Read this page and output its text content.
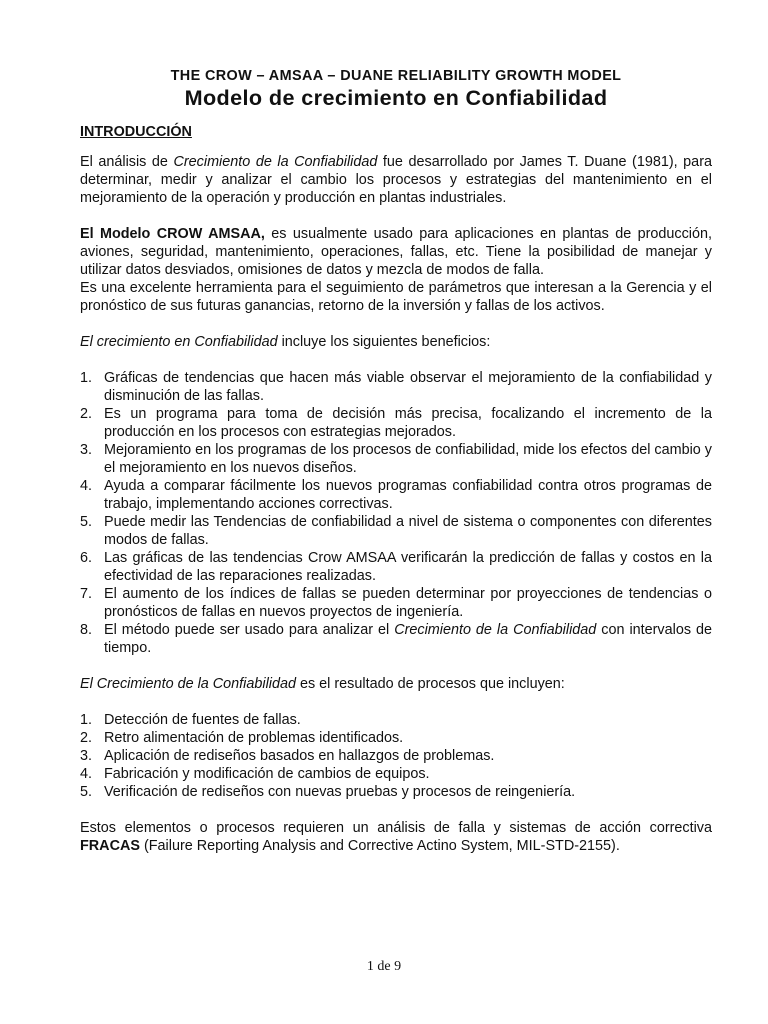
THE CROW – AMSAA – DUANE RELIABILITY GROWTH MODEL
Modelo de crecimiento en Confiabilidad
INTRODUCCIÓN

El análisis de Crecimiento de la Confiabilidad fue desarrollado por James T. Duane (1981), para determinar, medir y analizar el cambio los procesos y estrategias del mantenimiento en el mejoramiento de la operación y producción en plantas industriales.

El Modelo CROW AMSAA, es usualmente usado para aplicaciones en plantas de producción, aviones, seguridad, mantenimiento, operaciones, fallas, etc. Tiene la posibilidad de manejar y utilizar datos desviados, omisiones de datos y mezcla de modos de falla.

Es una excelente herramienta para el seguimiento de parámetros que interesan a la Gerencia y el pronóstico de sus futuras ganancias, retorno de la inversión y fallas de los activos.

El crecimiento en Confiabilidad incluye los siguientes beneficios:

1. Gráficas de tendencias que hacen más viable observar el mejoramiento de la confiabilidad y disminución de las fallas.
2. Es un programa para toma de decisión más precisa, focalizando el incremento de la producción en los procesos con estrategias mejorados.
3. Mejoramiento en los programas de los procesos de confiabilidad, mide los efectos del cambio y el mejoramiento en los nuevos diseños.
4. Ayuda a comparar fácilmente los nuevos programas confiabilidad contra otros programas de trabajo, implementando acciones correctivas.
5. Puede medir las Tendencias de confiabilidad a nivel de sistema o componentes con diferentes modos de fallas.
6. Las gráficas de las tendencias Crow AMSAA verificarán la predicción de fallas y costos en la efectividad de las reparaciones realizadas.
7. El aumento de los índices de fallas se pueden determinar por proyecciones de tendencias o pronósticos de fallas en nuevos proyectos de ingeniería.
8. El método puede ser usado para analizar el Crecimiento de la Confiabilidad con intervalos de tiempo.

El Crecimiento de la Confiabilidad es el resultado de procesos que incluyen:

1. Detección de fuentes de fallas.
2. Retro alimentación de problemas identificados.
3. Aplicación de rediseños basados en hallazgos de problemas.
4. Fabricación y modificación de cambios de equipos.
5. Verificación de rediseños con nuevas pruebas y procesos de reingeniería.

Estos elementos o procesos requieren un análisis de falla y sistemas de acción correctiva FRACAS (Failure Reporting Analysis and Corrective Actino System, MIL-STD-2155).

1 de 9
